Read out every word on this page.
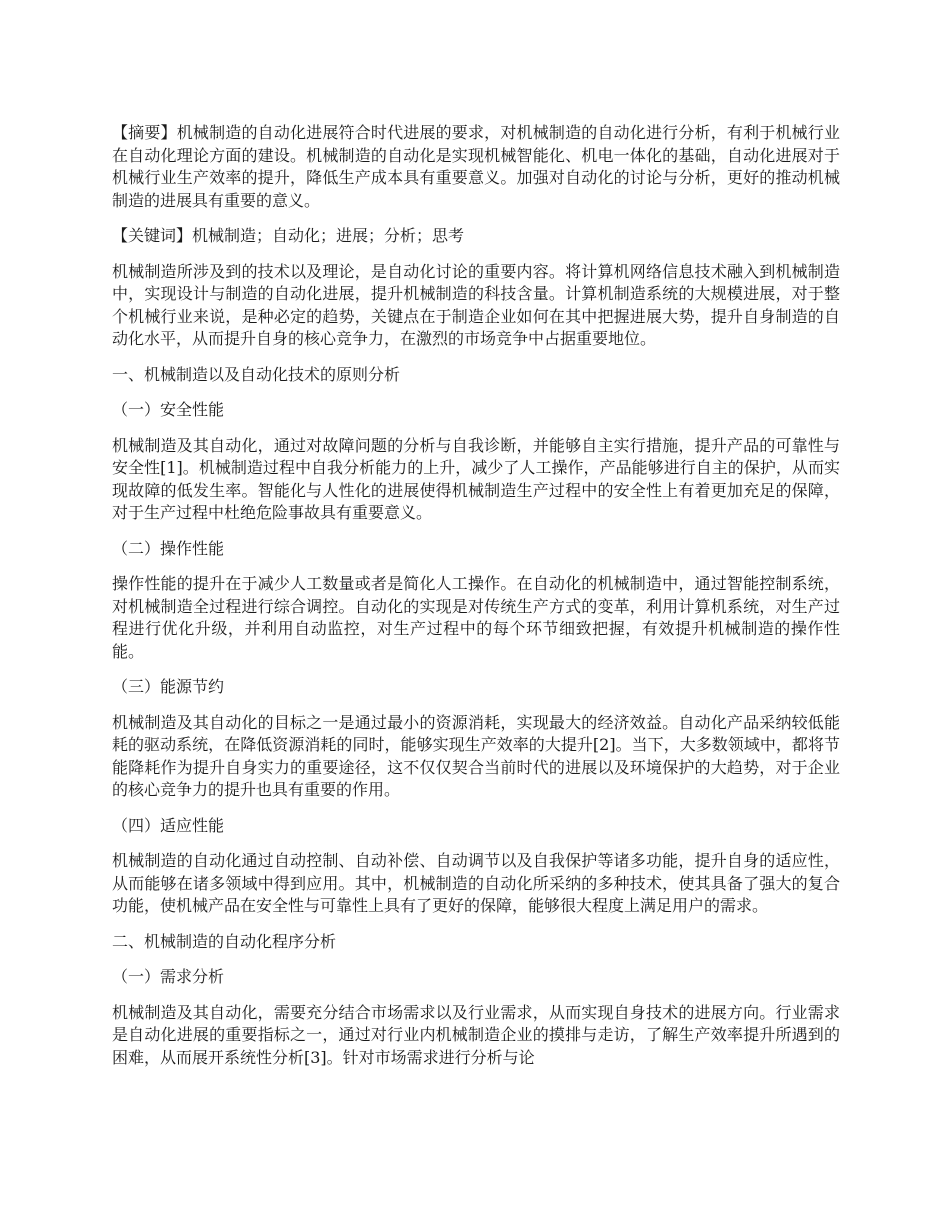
【摘要】机械制造的自动化进展符合时代进展的要求，对机械制造的自动化进行分析，有利于机械行业在自动化理论方面的建设。机械制造的自动化是实现机械智能化、机电一体化的基础，自动化进展对于机械行业生产效率的提升，降低生产成本具有重要意义。加强对自动化的讨论与分析，更好的推动机械制造的进展具有重要的意义。

【关键词】机械制造；自动化；进展；分析；思考

机械制造所涉及到的技术以及理论，是自动化讨论的重要内容。将计算机网络信息技术融入到机械制造中，实现设计与制造的自动化进展，提升机械制造的科技含量。计算机制造系统的大规模进展，对于整个机械行业来说，是种必定的趋势，关键点在于制造企业如何在其中把握进展大势，提升自身制造的自动化水平，从而提升自身的核心竞争力，在激烈的市场竞争中占据重要地位。

一、机械制造以及自动化技术的原则分析

（一）安全性能

机械制造及其自动化，通过对故障问题的分析与自我诊断，并能够自主实行措施，提升产品的可靠性与安全性[1]。机械制造过程中自我分析能力的上升，减少了人工操作，产品能够进行自主的保护，从而实现故障的低发生率。智能化与人性化的进展使得机械制造生产过程中的安全性上有着更加充足的保障，对于生产过程中杜绝危险事故具有重要意义。

（二）操作性能

操作性能的提升在于减少人工数量或者是简化人工操作。在自动化的机械制造中，通过智能控制系统，对机械制造全过程进行综合调控。自动化的实现是对传统生产方式的变革，利用计算机系统，对生产过程进行优化升级，并利用自动监控，对生产过程中的每个环节细致把握，有效提升机械制造的操作性能。

（三）能源节约

机械制造及其自动化的目标之一是通过最小的资源消耗，实现最大的经济效益。自动化产品采纳较低能耗的驱动系统，在降低资源消耗的同时，能够实现生产效率的大提升[2]。当下，大多数领域中，都将节能降耗作为提升自身实力的重要途径，这不仅仅契合当前时代的进展以及环境保护的大趋势，对于企业的核心竞争力的提升也具有重要的作用。

（四）适应性能

机械制造的自动化通过自动控制、自动补偿、自动调节以及自我保护等诸多功能，提升自身的适应性，从而能够在诸多领域中得到应用。其中，机械制造的自动化所采纳的多种技术，使其具备了强大的复合功能，使机械产品在安全性与可靠性上具有了更好的保障，能够很大程度上满足用户的需求。

二、机械制造的自动化程序分析

（一）需求分析

机械制造及其自动化，需要充分结合市场需求以及行业需求，从而实现自身技术的进展方向。行业需求是自动化进展的重要指标之一，通过对行业内机械制造企业的摸排与走访，了解生产效率提升所遇到的困难，从而展开系统性分析[3]。针对市场需求进行分析与论
